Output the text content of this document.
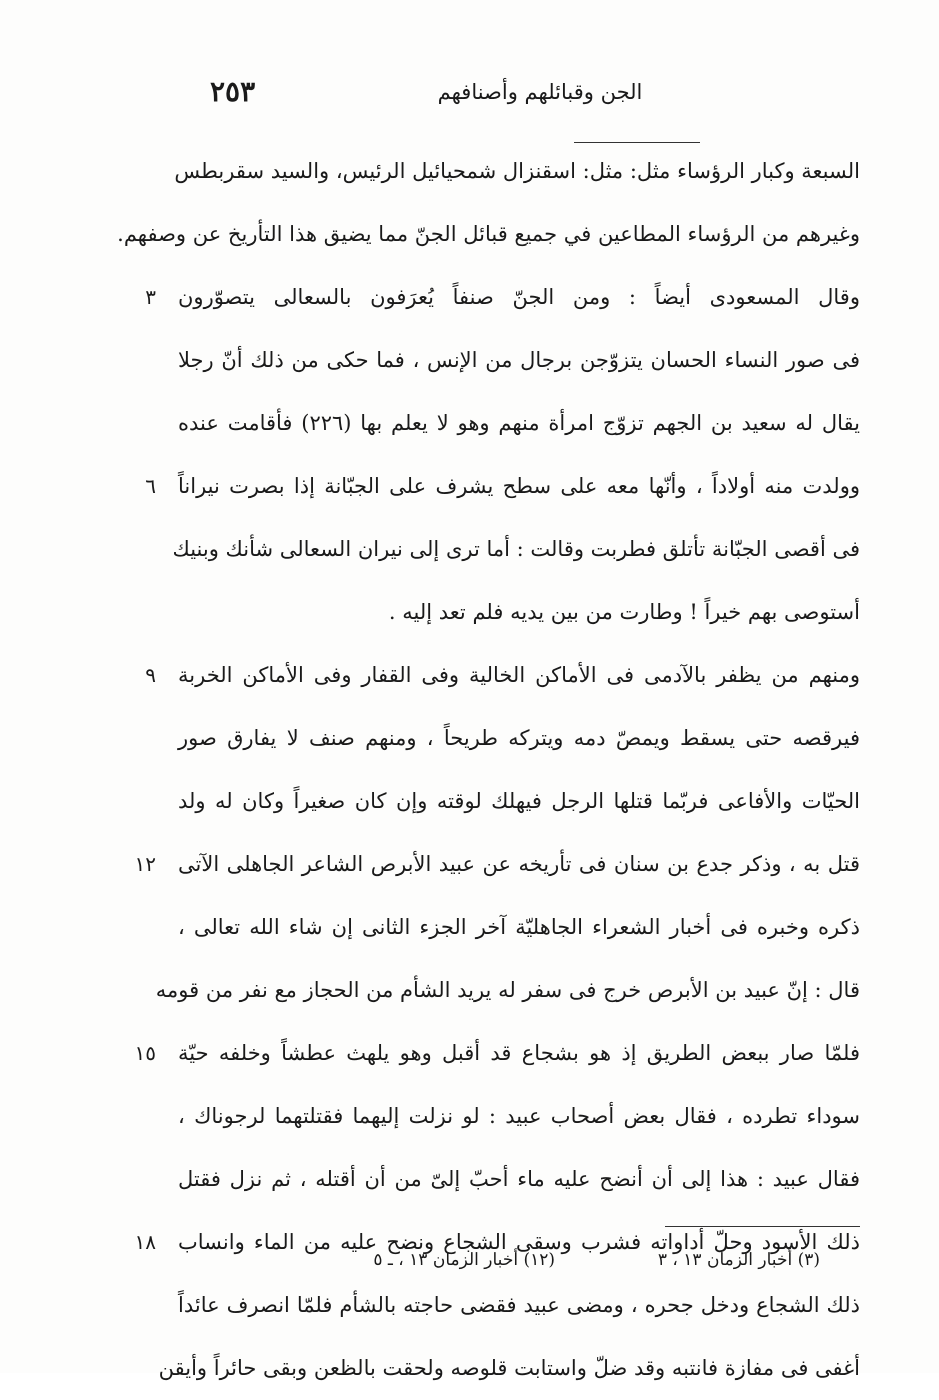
الجن وقبائلهم وأصنافهم
٢٥٣
السبعة وكبار الرؤساء مثل: مثل: اسقنزال شمحيائيل الرئيس، والسيد سقربطس
وغيرهم من الرؤساء المطاعين في جميع قبائل الجنّ مما يضيق هذا التأريخ عن وصفهم.
وقال المسعودى أيضاً : ومن الجنّ صنفاً يُعرَفون بالسعالى يتصوّرون
٣
فى صور النساء الحسان يتزوّجن برجال من الإنس ، فما حكى من ذلك أنّ رجلا
يقال له سعيد بن الجهم تزوّج امرأة منهم وهو لا يعلم بها (٢٢٦) فأقامت عنده
وولدت منه أولاداً ، وأنّها معه على سطح يشرف على الجبّانة إذا بصرت نيراناً
٦
فى أقصى الجبّانة تأتلق فطربت وقالت : أما ترى إلى نيران السعالى شأنك وبنيك
أستوصى بهم خيراً ! وطارت من بين يديه فلم تعد إليه .
ومنهم من يظفر بالآدمى فى الأماكن الخالية وفى القفار وفى الأماكن الخربة
٩
فيرقصه حتى يسقط ويمصّ دمه ويتركه طريحاً ، ومنهم صنف لا يفارق صور
الحيّات والأفاعى فربّما قتلها الرجل فيهلك لوقته وإن كان صغيراً وكان له ولد
قتل به ، وذكر جدع بن سنان فى تأريخه عن عبيد الأبرص الشاعر الجاهلى الآتى
١٢
ذكره وخبره فى أخبار الشعراء الجاهليّة آخر الجزء الثانى إن شاء الله تعالى ،
قال : إنّ عبيد بن الأبرص خرج فى سفر له يريد الشأم من الحجاز مع نفر من قومه
فلمّا صار ببعض الطريق إذ هو بشجاع قد أقبل وهو يلهث عطشاً وخلفه حيّة
١٥
سوداء تطرده ، فقال بعض أصحاب عبيد : لو نزلت إليهما فقتلتهما لرجوناك ،
فقال عبيد : هذا إلى أن أنضح عليه ماء أحبّ إلىّ من أن أقتله ، ثم نزل فقتل
ذلك الأسود وحلّ أداواته فشرب وسقى الشجاع ونضح عليه من الماء وانساب
١٨
ذلك الشجاع ودخل جحره ، ومضى عبيد فقضى حاجته بالشأم فلمّا انصرف عائداً
أغفى فى مفازة فانتبه وقد ضلّ واستابت قلوصه ولحقت بالظعن وبقى حائراً وأيقن
(٣) أخبار الزمان ١٣ ، ٣
(١٢) أخبار الزمان ١٣ ، ـ ٥
